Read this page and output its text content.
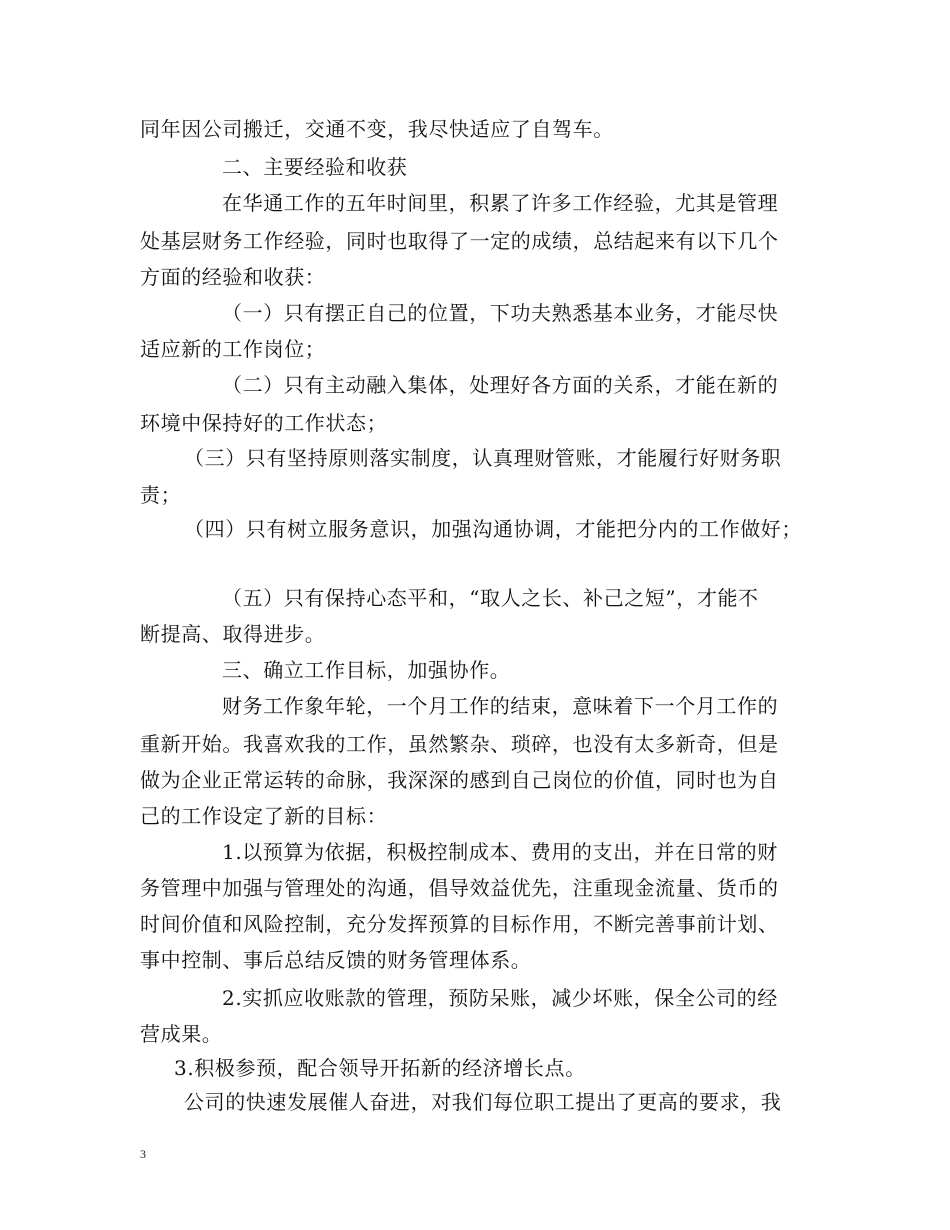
同年因公司搬迁，交通不变，我尽快适应了自驾车。
二、主要经验和收获
在华通工作的五年时间里，积累了许多工作经验，尤其是管理
处基层财务工作经验，同时也取得了一定的成绩，总结起来有以下几个
方面的经验和收获：
（一）只有摆正自己的位置，下功夫熟悉基本业务，才能尽快
适应新的工作岗位；
（二）只有主动融入集体，处理好各方面的关系，才能在新的
环境中保持好的工作状态；
（三）只有坚持原则落实制度，认真理财管账，才能履行好财务职
责；
（四）只有树立服务意识，加强沟通协调，才能把分内的工作做好；
（五）只有保持心态平和，“取人之长、补己之短”，才能不
断提高、取得进步。
三、确立工作目标，加强协作。
财务工作象年轮，一个月工作的结束，意味着下一个月工作的
重新开始。我喜欢我的工作，虽然繁杂、琐碎，也没有太多新奇，但是
做为企业正常运转的命脉，我深深的感到自己岗位的价值，同时也为自
己的工作设定了新的目标：
1.以预算为依据，积极控制成本、费用的支出，并在日常的财
务管理中加强与管理处的沟通，倡导效益优先，注重现金流量、货币的
时间价值和风险控制，充分发挥预算的目标作用，不断完善事前计划、
事中控制、事后总结反馈的财务管理体系。
2.实抓应收账款的管理，预防呆账，减少坏账，保全公司的经
营成果。
3.积极参预，配合领导开拓新的经济增长点。
公司的快速发展催人奋进，对我们每位职工提出了更高的要求，我
3
